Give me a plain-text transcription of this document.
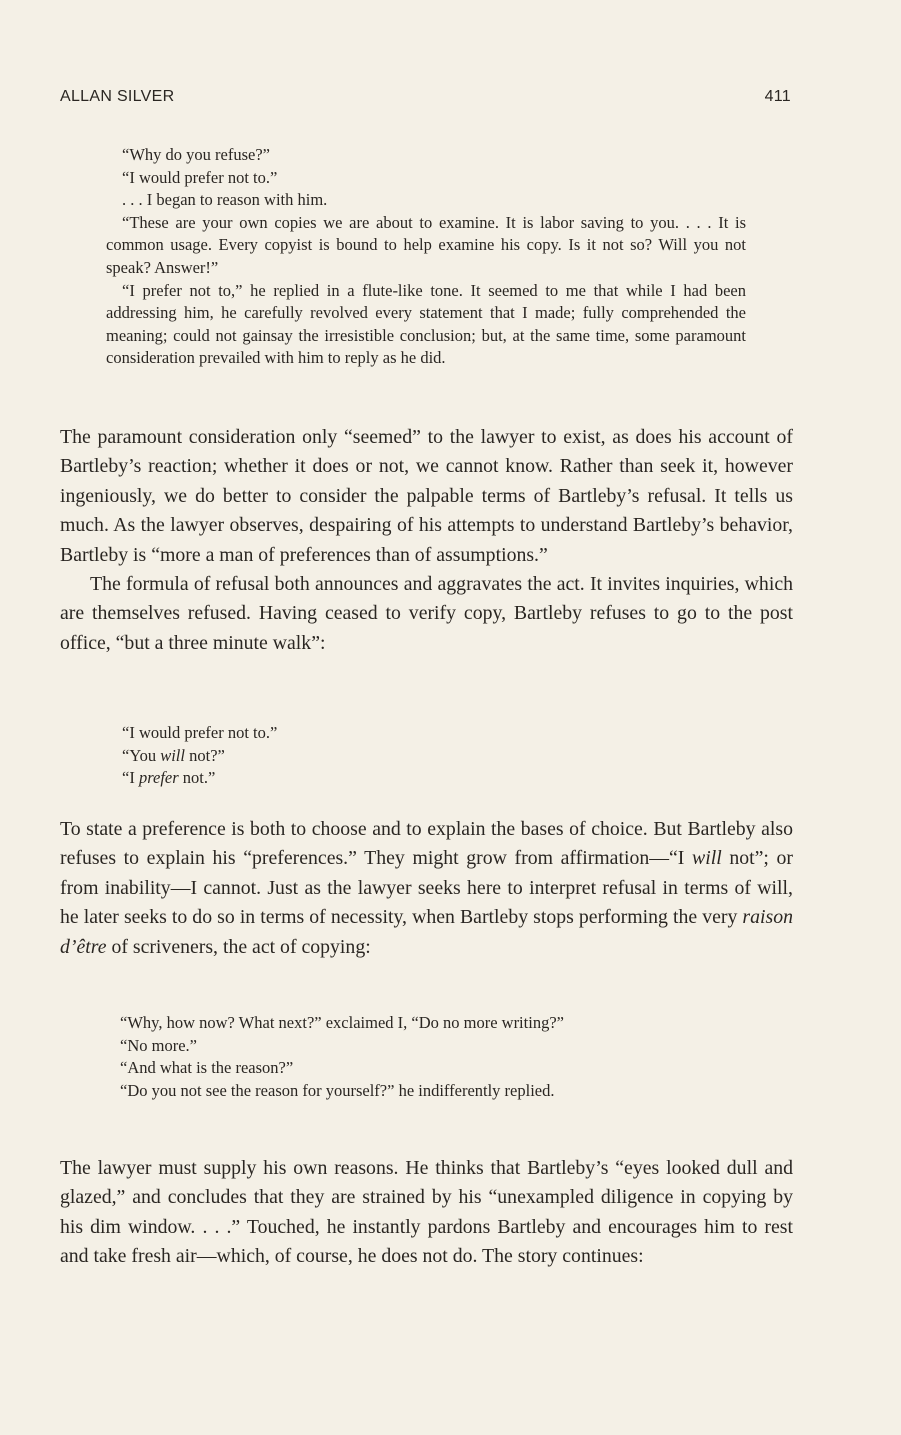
ALLAN SILVER	411

“Why do you refuse?”

“I would prefer not to.”

. . . I began to reason with him.

“These are your own copies we are about to examine. It is labor saving to you. . . . It is common usage. Every copyist is bound to help examine his copy. Is it not so? Will you not speak? Answer!”

“I prefer not to,” he replied in a flute-like tone. It seemed to me that while I had been addressing him, he carefully revolved every statement that I made; fully comprehended the meaning; could not gainsay the irresistible conclusion; but, at the same time, some paramount consideration prevailed with him to reply as he did.

The paramount consideration only “seemed” to the lawyer to exist, as does his account of Bartleby’s reaction; whether it does or not, we cannot know. Rather than seek it, however ingeniously, we do better to consider the palpable terms of Bartleby’s refusal. It tells us much. As the lawyer observes, despairing of his attempts to understand Bartleby’s behavior, Bartleby is “more a man of preferences than of assumptions.”

The formula of refusal both announces and aggravates the act. It invites inquiries, which are themselves refused. Having ceased to verify copy, Bartleby refuses to go to the post office, “but a three minute walk”:

“I would prefer not to.”

“You will not?”

“I prefer not.”

To state a preference is both to choose and to explain the bases of choice. But Bartleby also refuses to explain his “preferences.” They might grow from affirmation—“I will not”; or from inability—I cannot. Just as the lawyer seeks here to interpret refusal in terms of will, he later seeks to do so in terms of necessity, when Bartleby stops performing the very raison d’être of scriveners, the act of copying:

“Why, how now? What next?” exclaimed I, “Do no more writing?”

“No more.”

“And what is the reason?”

“Do you not see the reason for yourself?” he indifferently replied.

The lawyer must supply his own reasons. He thinks that Bartleby’s “eyes looked dull and glazed,” and concludes that they are strained by his “unexampled diligence in copying by his dim window. . . .” Touched, he instantly pardons Bartleby and encourages him to rest and take fresh air—which, of course, he does not do. The story continues:
